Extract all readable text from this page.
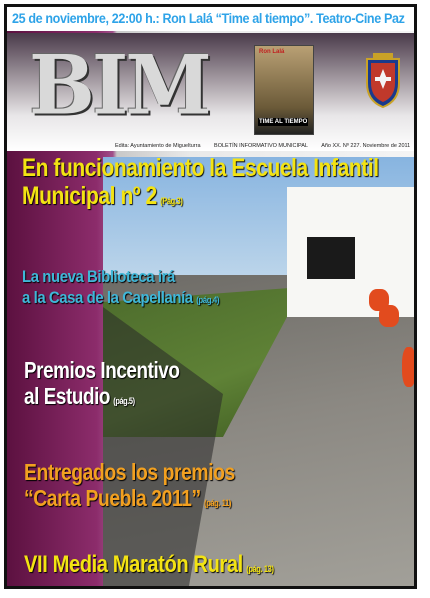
25 de noviembre, 22:00 h.: Ron Lalá “Time al tiempo”. Teatro-Cine Paz
BIM	Ron Lalá
TIME AL TIEMPO
Edita: Ayuntamiento de Miguelturra BOLETÍN INFORMATIVO MUNICIPAL Año XX. Nº 227. Noviembre de 2011
En funcionamiento la Escuela Infantil
Municipal nº 2 (Pág.3)
La nueva Biblioteca irá
a la Casa de la Capellanía (pág.4)
Premios Incentivo
al Estudio (pág.5)
Entregados los premios
“Carta Puebla 2011” (pág. 11)
VII Media Maratón Rural (pág. 13)
